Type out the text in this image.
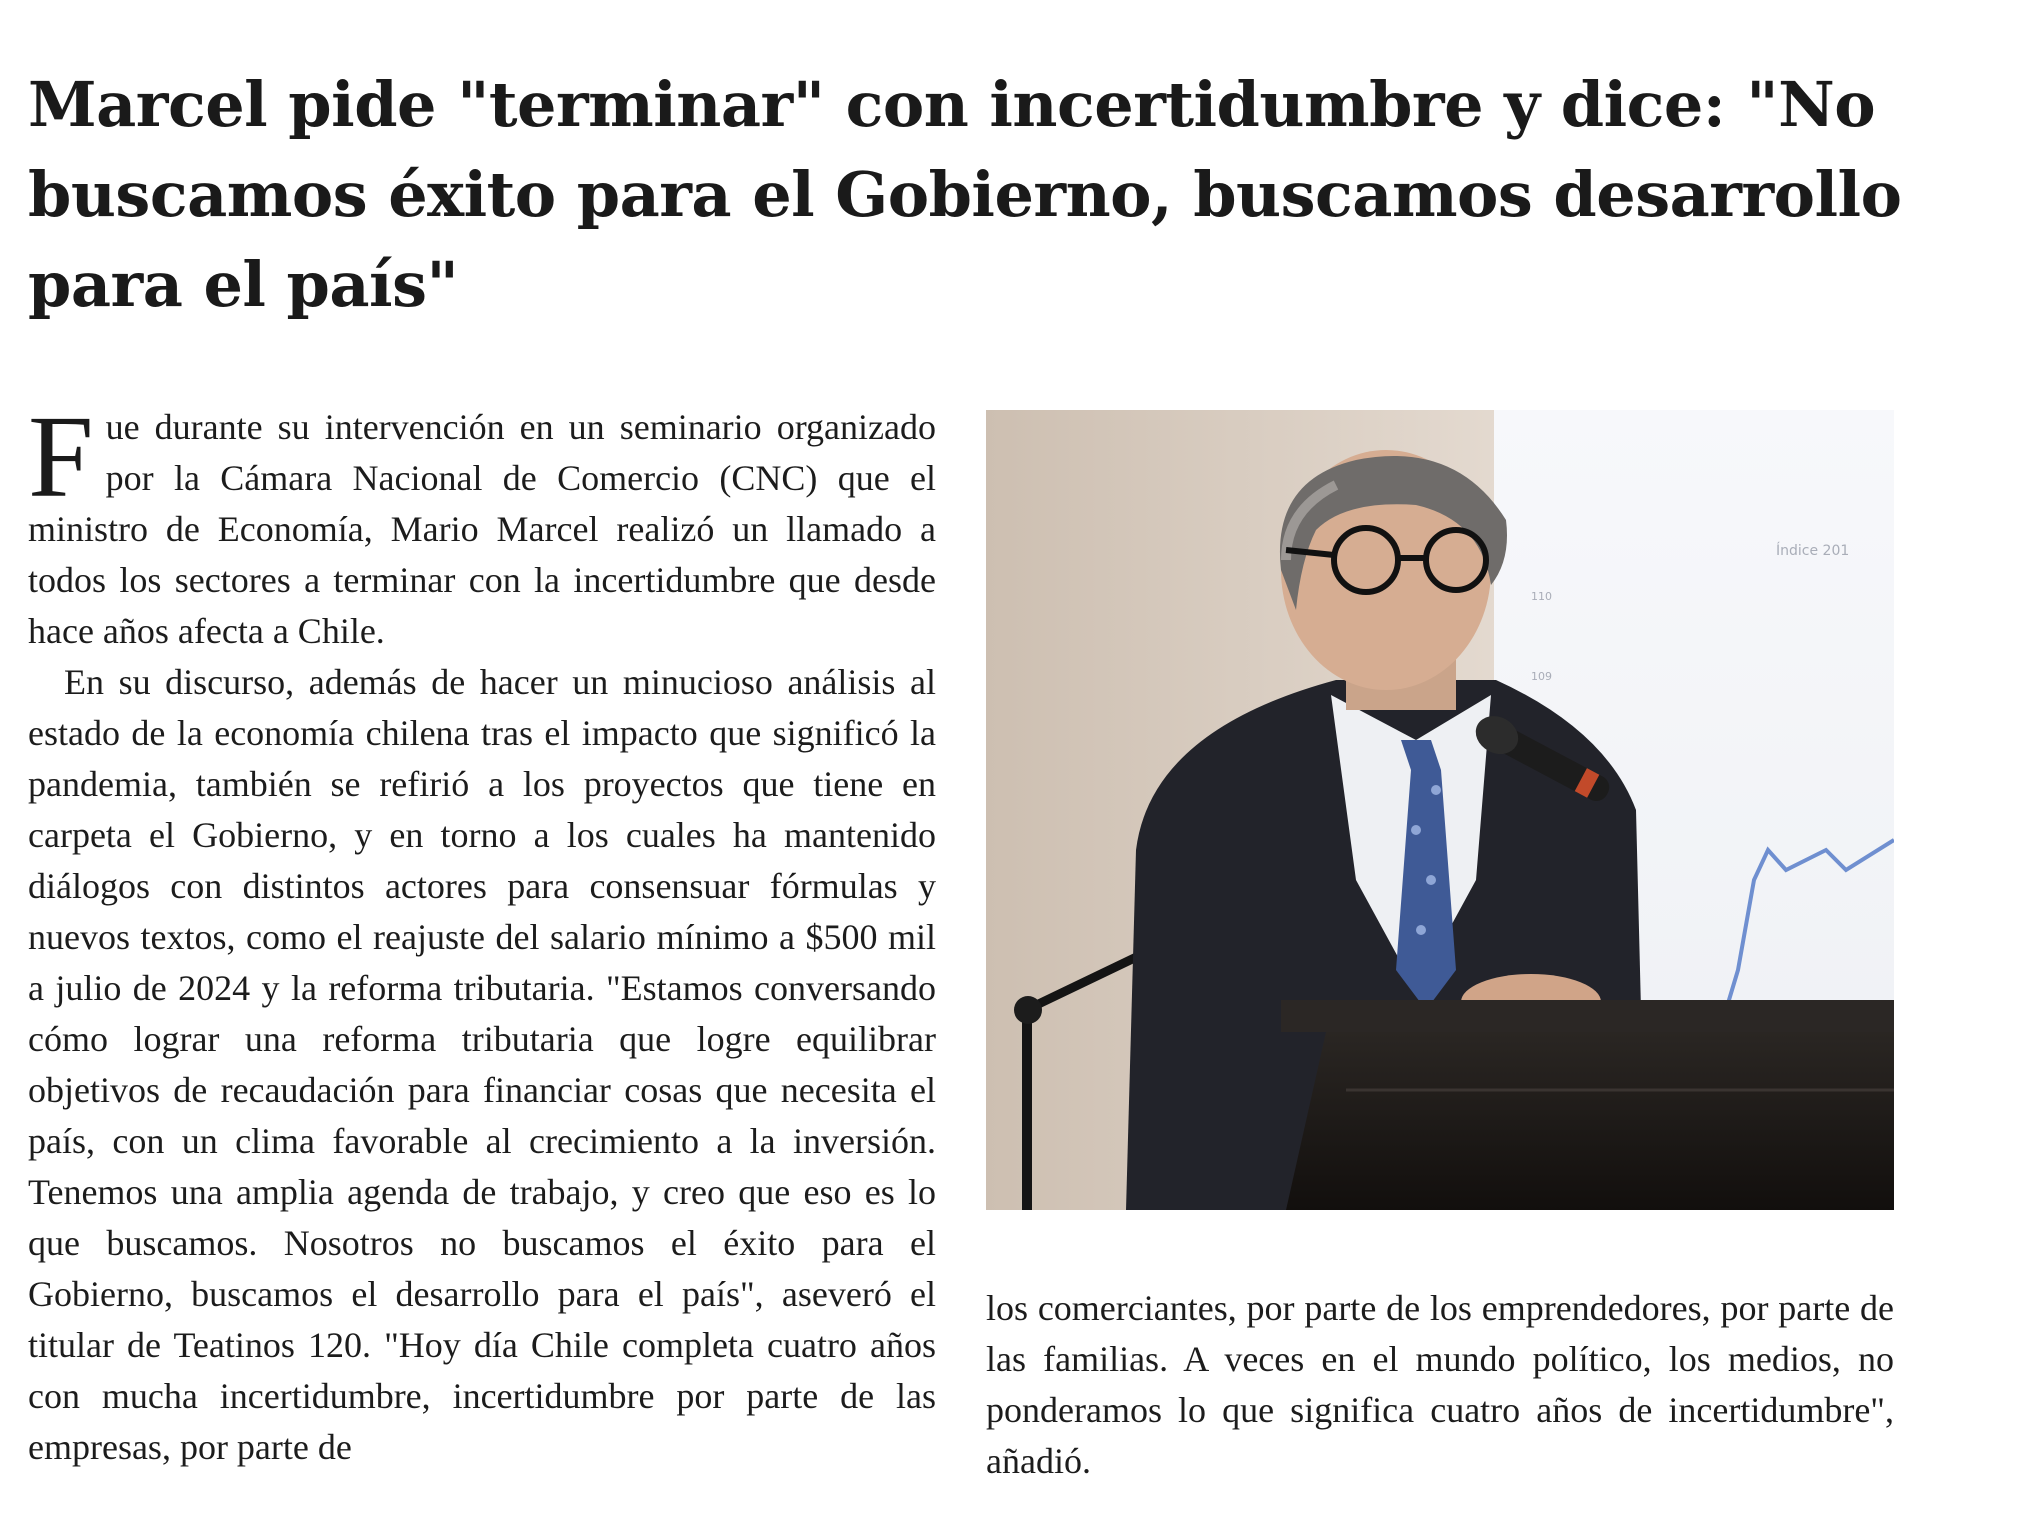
Marcel pide "terminar" con incertidumbre y dice: "No buscamos éxito para el Gobierno, buscamos desarrollo para el país"

Fue durante su intervención en un seminario organizado por la Cámara Nacional de Comercio (CNC) que el ministro de Economía, Mario Marcel realizó un llamado a todos los sectores a terminar con la incertidumbre que desde hace años afecta a Chile.

En su discurso, además de hacer un minucioso análisis al estado de la economía chilena tras el impacto que significó la pandemia, también se refirió a los proyectos que tiene en carpeta el Gobierno, y en torno a los cuales ha mantenido diálogos con distintos actores para consensuar fórmulas y nuevos textos, como el reajuste del salario mínimo a $500 mil a julio de 2024 y la reforma tributaria. "Estamos conversando cómo lograr una reforma tributaria que logre equilibrar objetivos de recaudación para financiar cosas que necesita el país, con un clima favorable al crecimiento a la inversión. Tenemos una amplia agenda de trabajo, y creo que eso es lo que buscamos. Nosotros no buscamos el éxito para el Gobierno, buscamos el desarrollo para el país", aseveró el titular de Teatinos 120. "Hoy día Chile completa cuatro años con mucha incertidumbre, incertidumbre por parte de las empresas, por parte de

Índice 201
110
109

los comerciantes, por parte de los emprendedores, por parte de las familias. A veces en el mundo político, los medios, no ponderamos lo que significa cuatro años de incertidumbre", añadió.
